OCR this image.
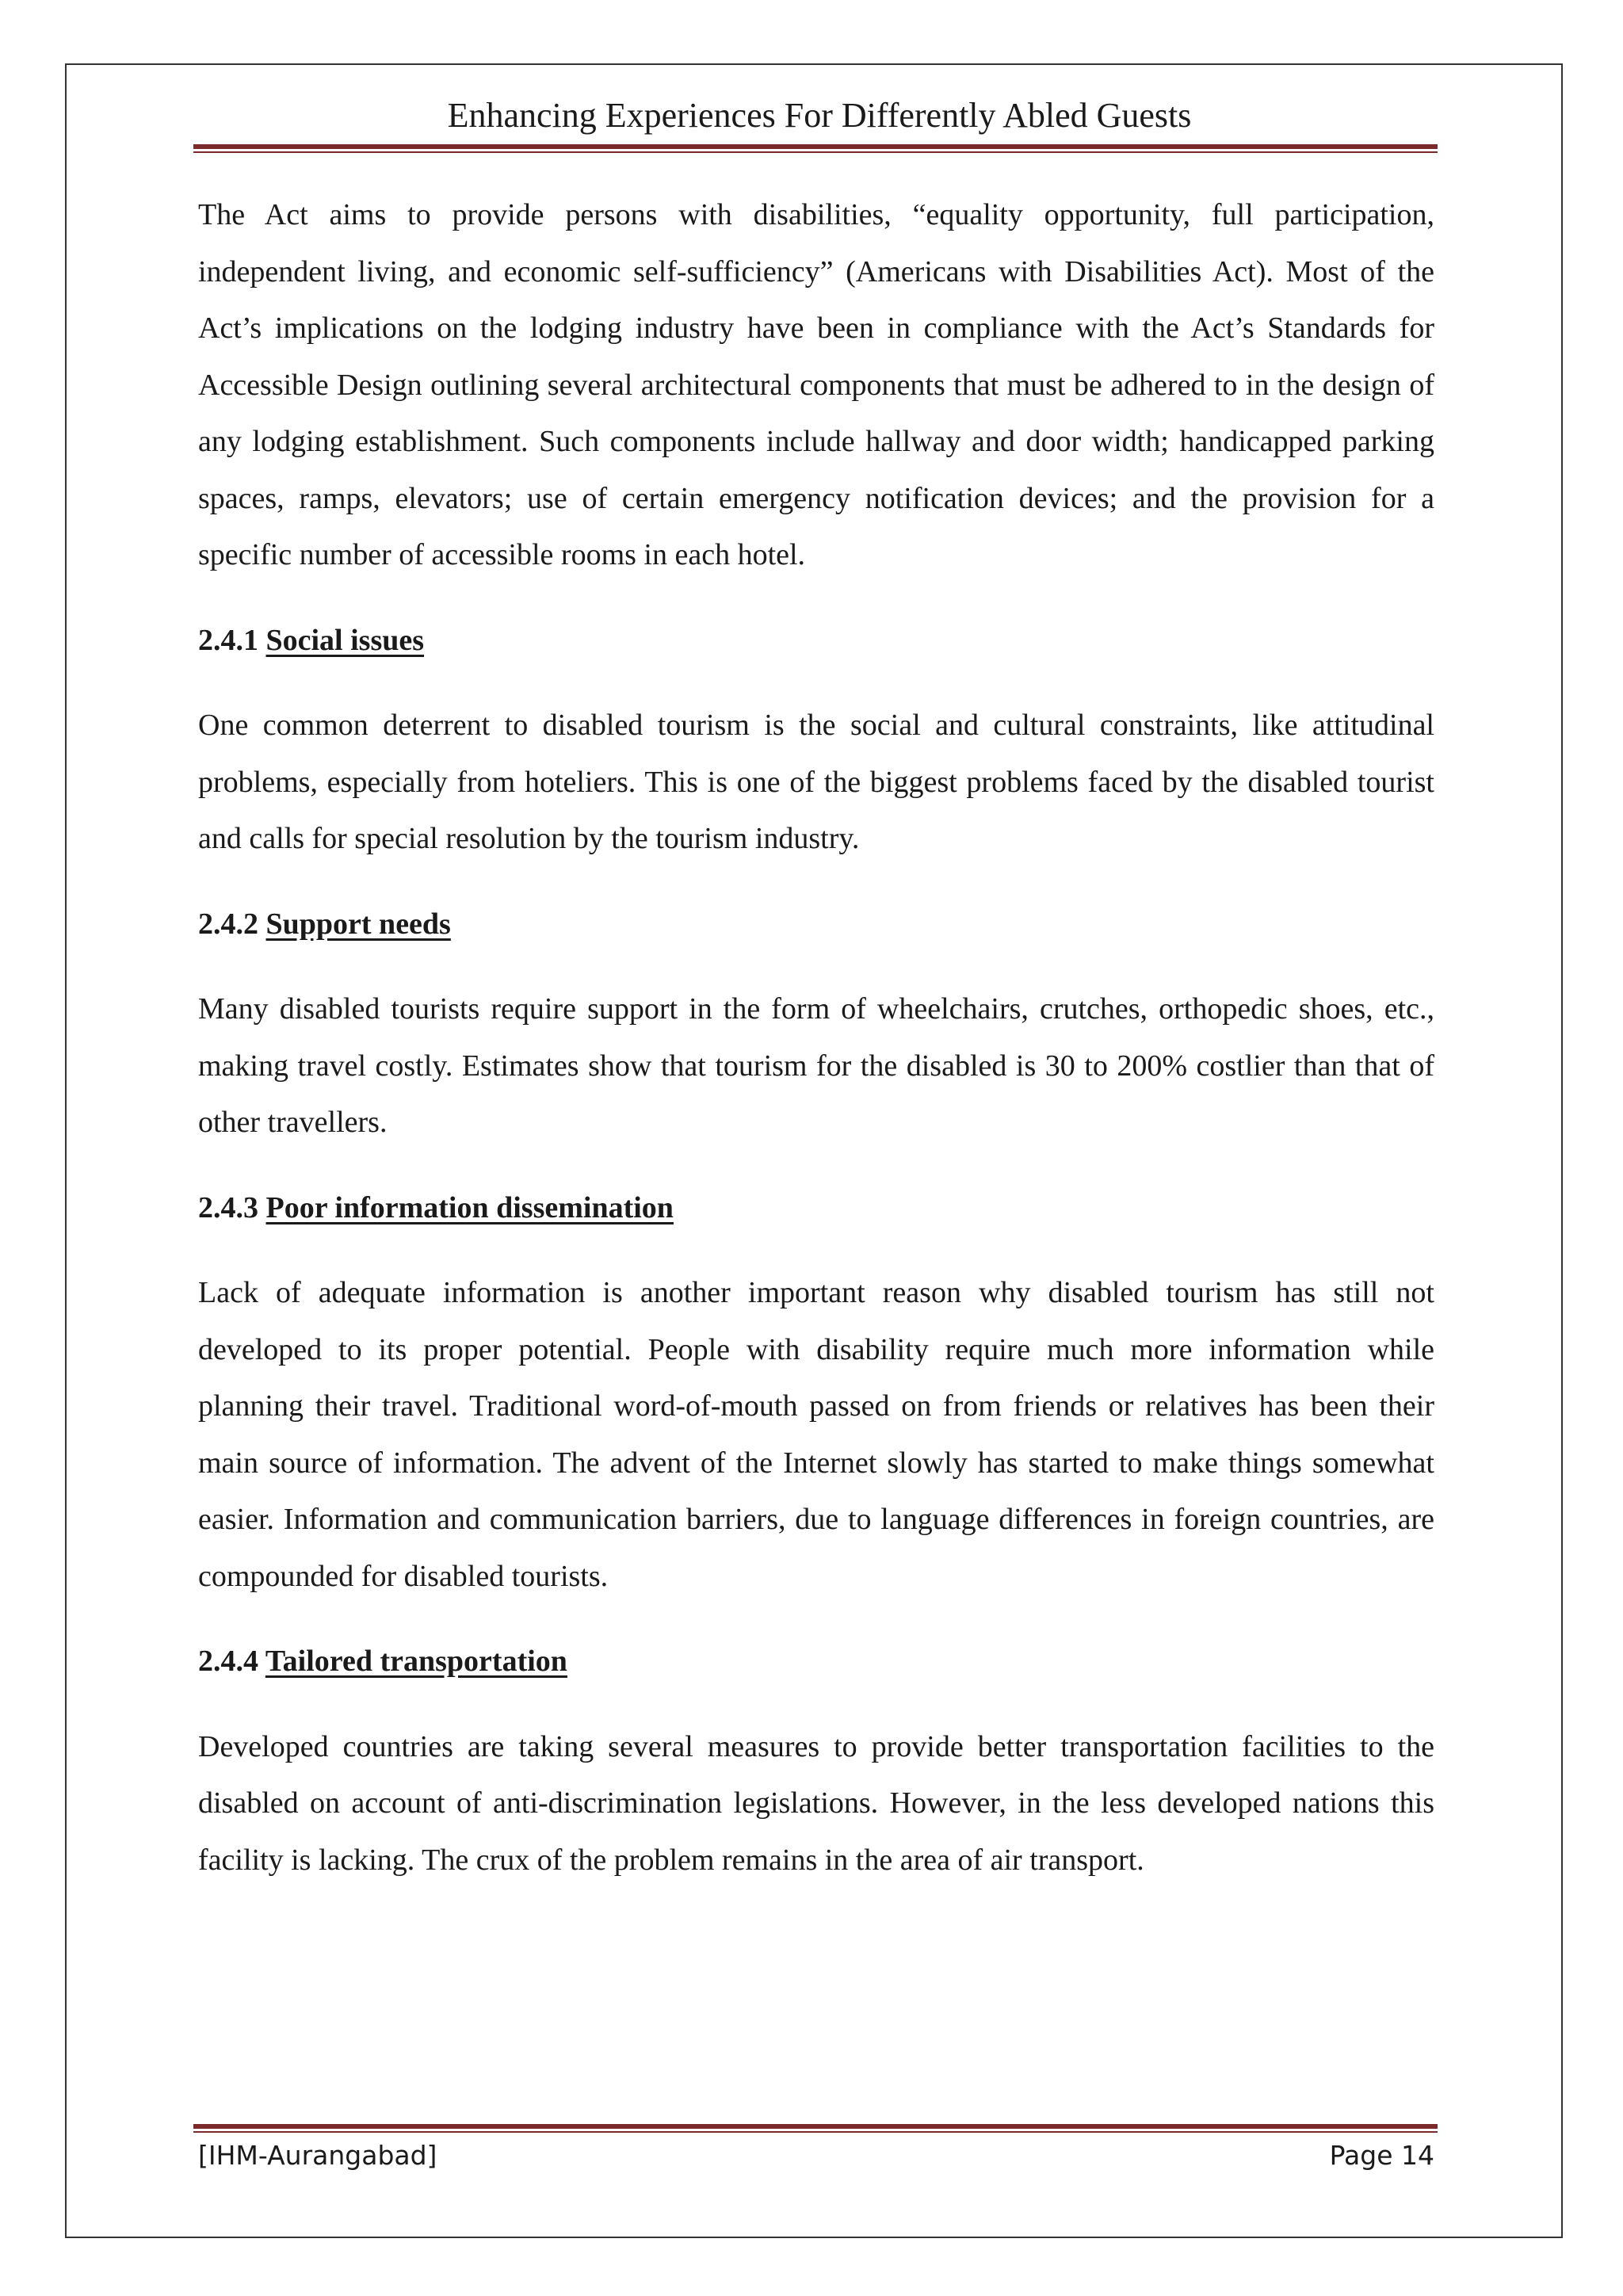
Enhancing Experiences For Differently Abled Guests

The Act aims to provide persons with disabilities, “equality opportunity, full participation, independent living, and economic self-sufficiency” (Americans with Disabilities Act). Most of the Act’s implications on the lodging industry have been in compliance with the Act’s Standards for Accessible Design outlining several architectural components that must be adhered to in the design of any lodging establishment. Such components include hallway and door width; handicapped parking spaces, ramps, elevators; use of certain emergency notification devices; and the provision for a specific number of accessible rooms in each hotel.

2.4.1 Social issues

One common deterrent to disabled tourism is the social and cultural constraints, like attitudinal problems, especially from hoteliers. This is one of the biggest problems faced by the disabled tourist and calls for special resolution by the tourism industry.

2.4.2 Support needs

Many disabled tourists require support in the form of wheelchairs, crutches, orthopedic shoes, etc., making travel costly. Estimates show that tourism for the disabled is 30 to 200% costlier than that of other travellers.

2.4.3 Poor information dissemination

Lack of adequate information is another important reason why disabled tourism has still not developed to its proper potential. People with disability require much more information while planning their travel. Traditional word-of-mouth passed on from friends or relatives has been their main source of information. The advent of the Internet slowly has started to make things somewhat easier. Information and communication barriers, due to language differences in foreign countries, are compounded for disabled tourists.

2.4.4 Tailored transportation

Developed countries are taking several measures to provide better transportation facilities to the disabled on account of anti-discrimination legislations. However, in the less developed nations this facility is lacking. The crux of the problem remains in the area of air transport.

[IHM-Aurangabad]	Page 14
